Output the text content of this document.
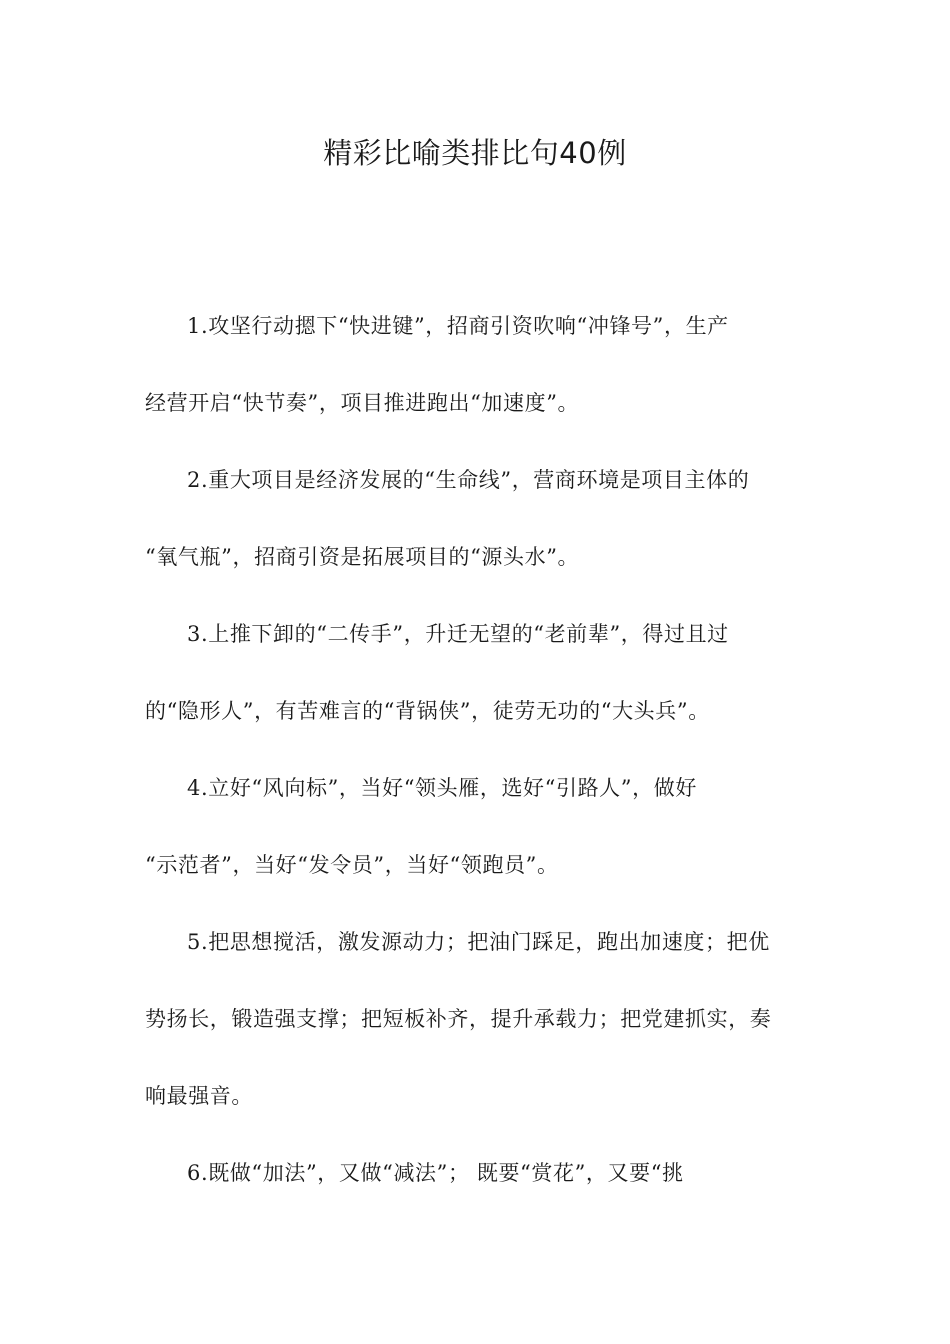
精彩比喻类排比句40例
1.攻坚行动摁下“快进键”，招商引资吹响“冲锋号”，生产
经营开启“快节奏”，项目推进跑出“加速度”。
2.重大项目是经济发展的“生命线”，营商环境是项目主体的
“氧气瓶”，招商引资是拓展项目的“源头水”。
3.上推下卸的“二传手”，升迁无望的“老前辈”，得过且过
的“隐形人”，有苦难言的“背锅侠”，徒劳无功的“大头兵”。
4.立好“风向标”，当好“领头雁，选好“引路人”，做好
“示范者”，当好“发令员”，当好“领跑员”。
5.把思想搅活，激发源动力；把油门踩足，跑出加速度；把优
势扬长，锻造强支撑；把短板补齐，提升承载力；把党建抓实，奏
响最强音。
6.既做“加法”，又做“减法”； 既要“赏花”，又要“挑
